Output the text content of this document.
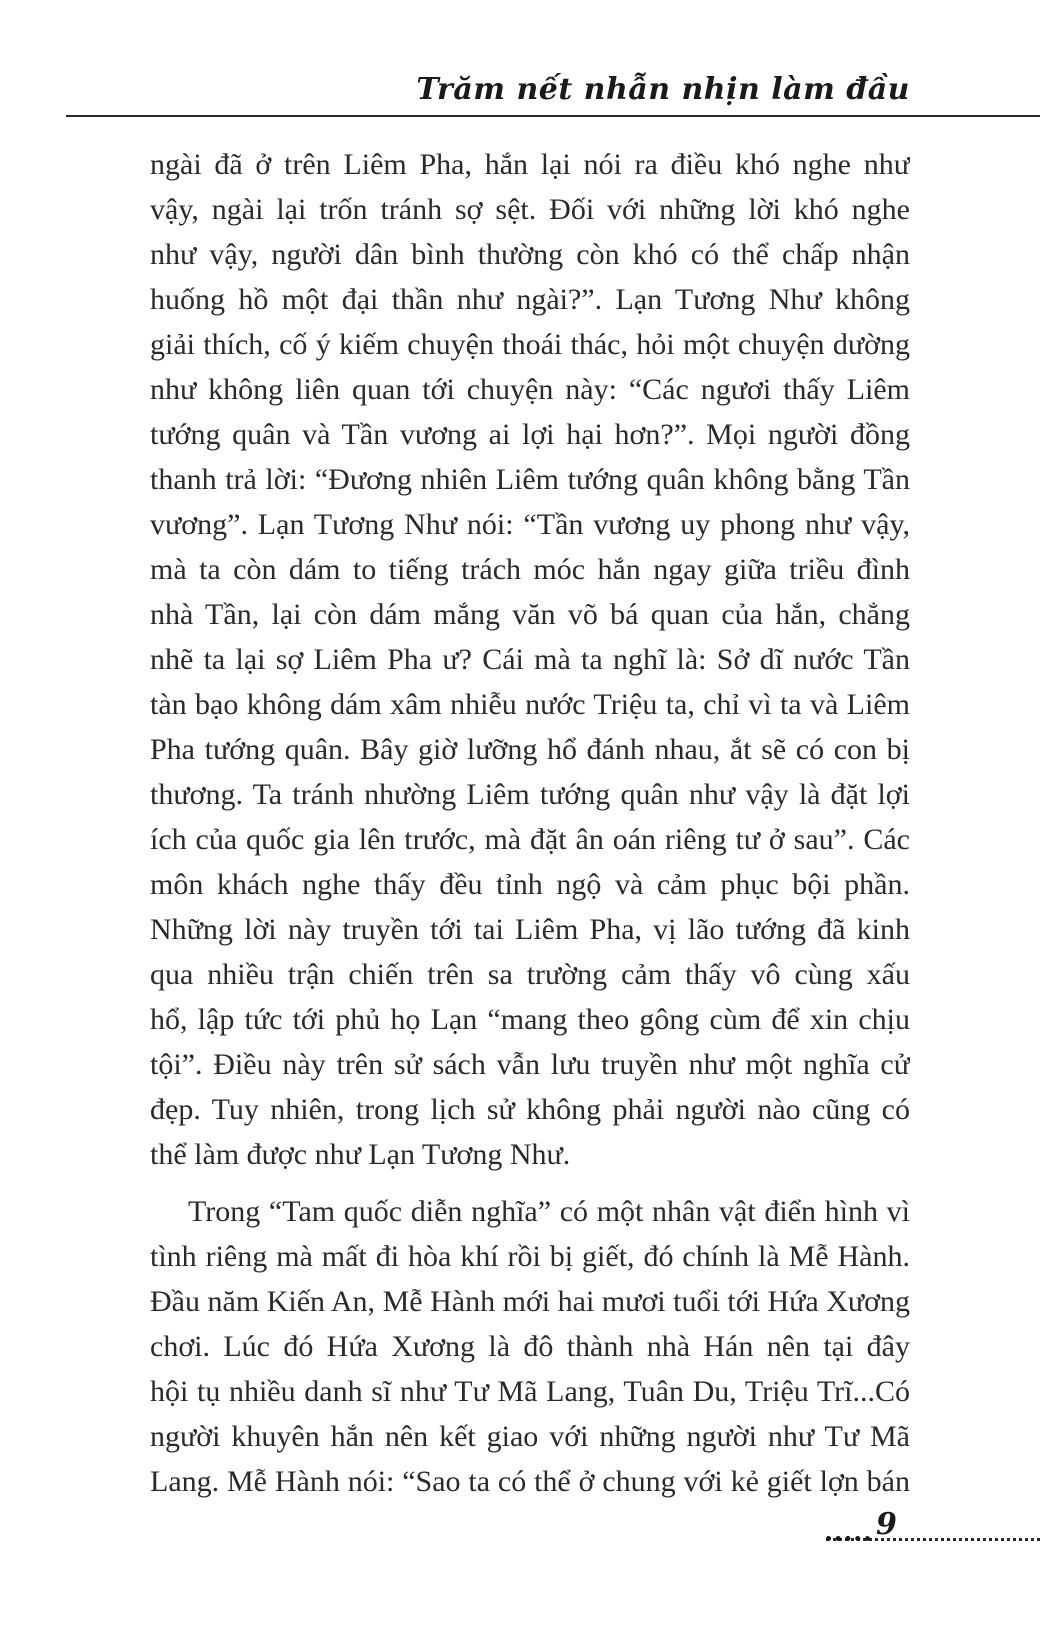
Trăm nết nhẫn nhịn làm đầu
ngài đã ở trên Liêm Pha, hắn lại nói ra điều khó nghe như
vậy, ngài lại trốn tránh sợ sệt. Đối với những lời khó nghe
như vậy, người dân bình thường còn khó có thể chấp nhận
huống hồ một đại thần như ngài?”. Lạn Tương Như không
giải thích, cố ý kiếm chuyện thoái thác, hỏi một chuyện dường
như không liên quan tới chuyện này: “Các ngươi thấy Liêm
tướng quân và Tần vương ai lợi hại hơn?”. Mọi người đồng
thanh trả lời: “Đương nhiên Liêm tướng quân không bằng Tần
vương”. Lạn Tương Như nói: “Tần vương uy phong như vậy,
mà ta còn dám to tiếng trách móc hắn ngay giữa triều đình
nhà Tần, lại còn dám mắng văn võ bá quan của hắn, chẳng
nhẽ ta lại sợ Liêm Pha ư? Cái mà ta nghĩ là: Sở dĩ nước Tần
tàn bạo không dám xâm nhiễu nước Triệu ta, chỉ vì ta và Liêm
Pha tướng quân. Bây giờ lưỡng hổ đánh nhau, ắt sẽ có con bị
thương. Ta tránh nhường Liêm tướng quân như vậy là đặt lợi
ích của quốc gia lên trước, mà đặt ân oán riêng tư ở sau”. Các
môn khách nghe thấy đều tỉnh ngộ và cảm phục bội phần.
Những lời này truyền tới tai Liêm Pha, vị lão tướng đã kinh
qua nhiều trận chiến trên sa trường cảm thấy vô cùng xấu
hổ, lập tức tới phủ họ Lạn “mang theo gông cùm để xin chịu
tội”. Điều này trên sử sách vẫn lưu truyền như một nghĩa cử
đẹp. Tuy nhiên, trong lịch sử không phải người nào cũng có
thể làm được như Lạn Tương Như.
Trong “Tam quốc diễn nghĩa” có một nhân vật điển hình vì
tình riêng mà mất đi hòa khí rồi bị giết, đó chính là Mễ Hành.
Đầu năm Kiến An, Mễ Hành mới hai mươi tuổi tới Hứa Xương
chơi. Lúc đó Hứa Xương là đô thành nhà Hán nên tại đây
hội tụ nhiều danh sĩ như Tư Mã Lang, Tuân Du, Triệu Trĩ...Có
người khuyên hắn nên kết giao với những người như Tư Mã
Lang. Mễ Hành nói: “Sao ta có thể ở chung với kẻ giết lợn bán
9
